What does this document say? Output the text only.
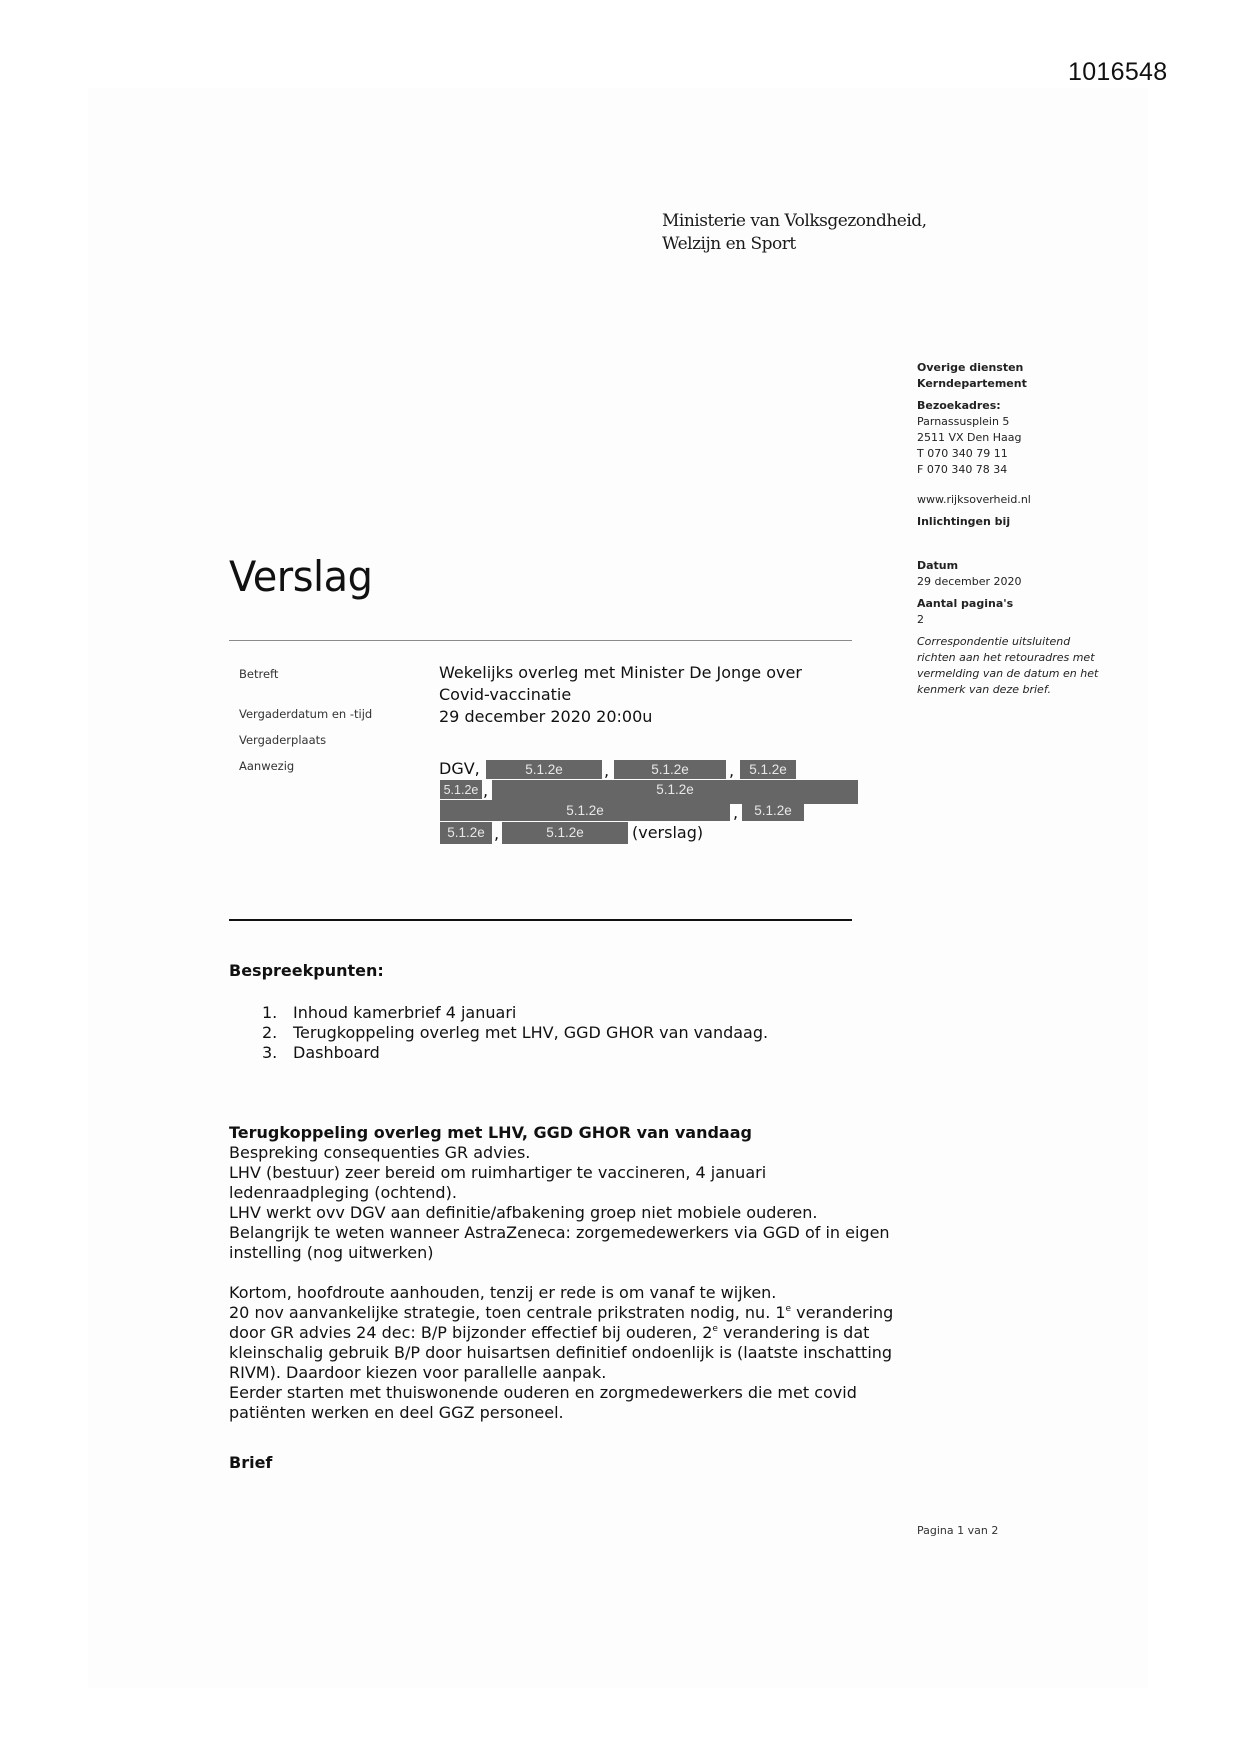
1016548
Ministerie van Volksgezondheid,
Welzijn en Sport
Overige diensten
Kerndepartement
Bezoekadres:
Parnassusplein 5
2511 VX Den Haag
T 070 340 79 11
F 070 340 78 34
www.rijksoverheid.nl
Inlichtingen bij
Datum
29 december 2020
Aantal pagina's
2
Correspondentie uitsluitend richten aan het retouradres met vermelding van de datum en het kenmerk van deze brief.
Verslag
Betreft	Wekelijks overleg met Minister De Jonge over
Covid-vaccinatie
Vergaderdatum en -tijd	29 december 2020 20:00u
Vergaderplaats
Aanwezig	DGV,	5.1.2e	,	5.1.2e	,	5.1.2e
5.1.2e ,	5.1.2e
5.1.2e	,	5.1.2e
5.1.2e ,	5.1.2e	(verslag)
Bespreekpunten:
1. Inhoud kamerbrief 4 januari
2. Terugkoppeling overleg met LHV, GGD GHOR van vandaag.
3. Dashboard
Terugkoppeling overleg met LHV, GGD GHOR van vandaag
Bespreking consequenties GR advies.
LHV (bestuur) zeer bereid om ruimhartiger te vaccineren, 4 januari
ledenraadpleging (ochtend).
LHV werkt ovv DGV aan definitie/afbakening groep niet mobiele ouderen.
Belangrijk te weten wanneer AstraZeneca: zorgemedewerkers via GGD of in eigen
instelling (nog uitwerken)
Kortom, hoofdroute aanhouden, tenzij er rede is om vanaf te wijken.
20 nov aanvankelijke strategie, toen centrale prikstraten nodig, nu. 1e verandering
door GR advies 24 dec: B/P bijzonder effectief bij ouderen, 2e verandering is dat
kleinschalig gebruik B/P door huisartsen definitief ondoenlijk is (laatste inschatting
RIVM). Daardoor kiezen voor parallelle aanpak.
Eerder starten met thuiswonende ouderen en zorgmedewerkers die met covid
patiënten werken en deel GGZ personeel.
Brief
Pagina 1 van 2
